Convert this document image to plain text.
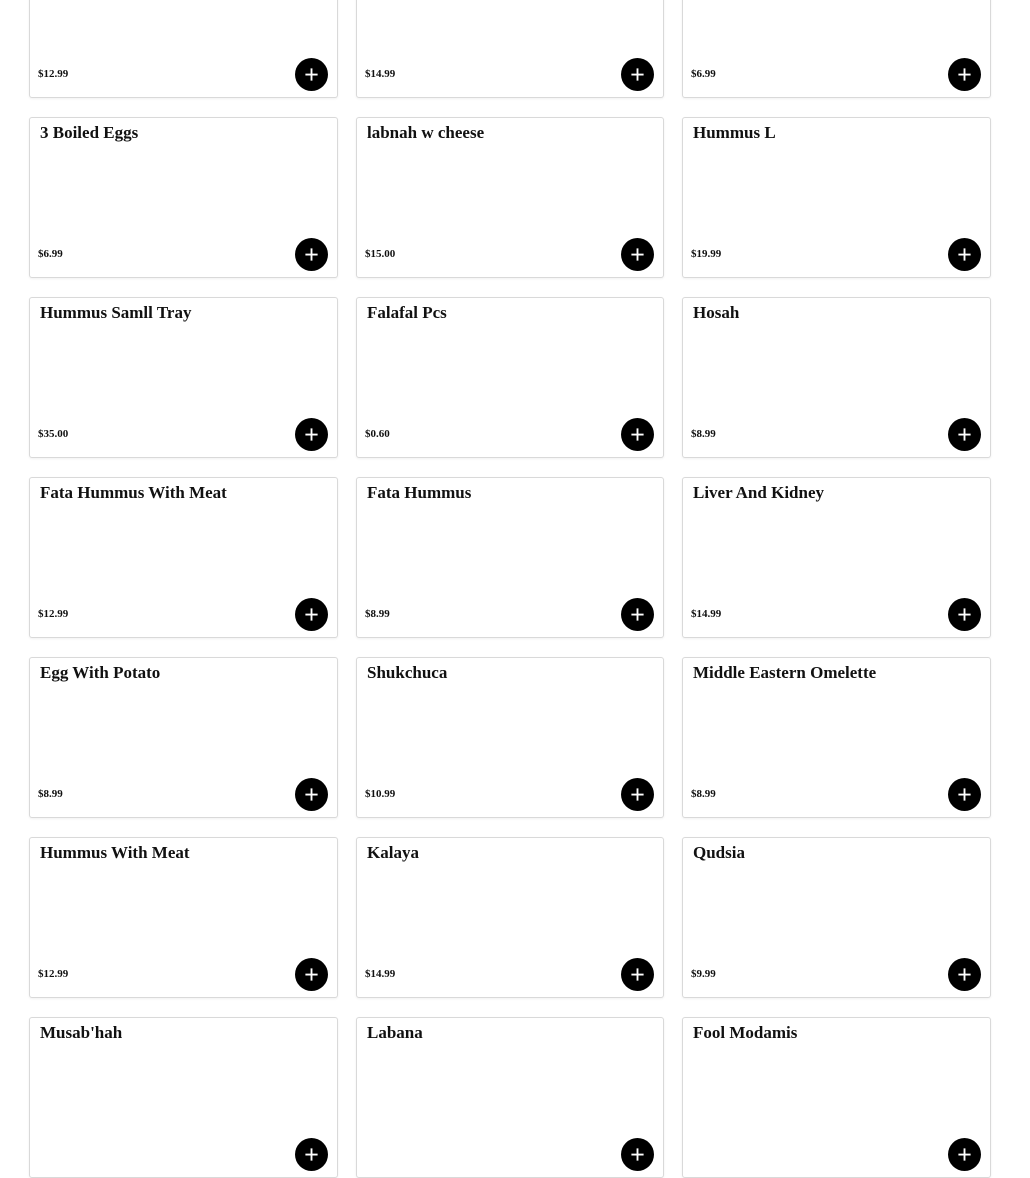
$12.99	$14.99	$6.99
3 Boiled Eggs
$6.99
labnah w cheese
$15.00
Hummus L
$19.99
Hummus Samll Tray
$35.00
Falafal Pcs
$0.60
Hosah
$8.99
Fata Hummus With Meat
$12.99
Fata Hummus
$8.99
Liver And Kidney
$14.99
Egg With Potato
$8.99
Shukchuca
$10.99
Middle Eastern Omelette
$8.99
Hummus With Meat
$12.99
Kalaya
$14.99
Qudsia
$9.99
Musab'hah	Labana	Fool Modamis
